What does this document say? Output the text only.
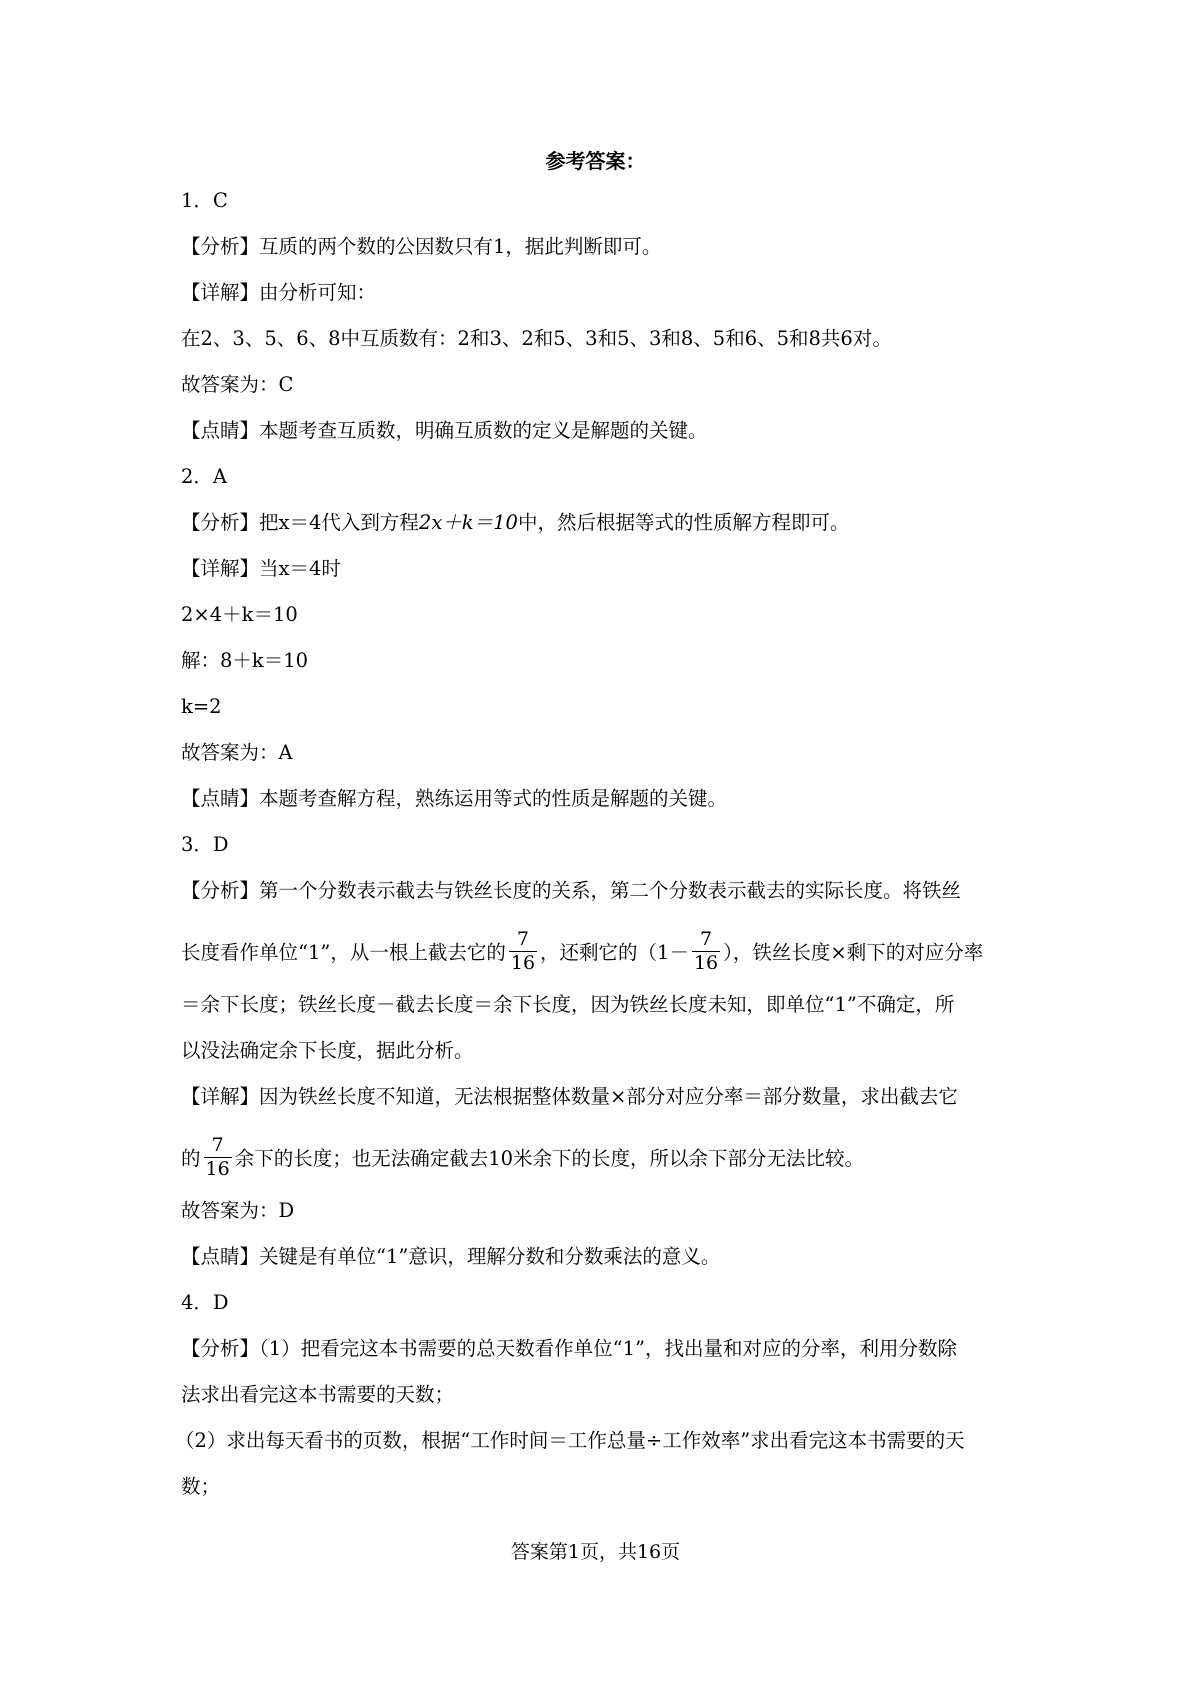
参考答案：
1．C
【分析】互质的两个数的公因数只有1，据此判断即可。
【详解】由分析可知：
在2、3、5、6、8中互质数有：2和3、2和5、3和5、3和8、5和6、5和8共6对。
故答案为：C
【点睛】本题考查互质数，明确互质数的定义是解题的关键。
2．A
【分析】把x＝4代入到方程2x＋k＝10中，然后根据等式的性质解方程即可。
【详解】当x＝4时
2×4＋k＝10
解：8＋k＝10
k=2
故答案为：A
【点睛】本题考查解方程，熟练运用等式的性质是解题的关键。
3．D
【分析】第一个分数表示截去与铁丝长度的关系，第二个分数表示截去的实际长度。将铁丝
长度看作单位“1”，从一根上截去它的 $\frac{7}{16}$ ，还剩它的（$1- \frac{7}{16}$ ），铁丝长度×剩下的对应分率
＝余下长度；铁丝长度－截去长度＝余下长度，因为铁丝长度未知，即单位“1”不确定，所
以没法确定余下长度，据此分析。
【详解】因为铁丝长度不知道，无法根据整体数量×部分对应分率＝部分数量，求出截去它
的 $\frac{7}{16}$ 余下的长度；也无法确定截去10米余下的长度，所以余下部分无法比较。
故答案为：D
【点睛】关键是有单位“1”意识，理解分数和分数乘法的意义。
4．D
【分析】（1）把看完这本书需要的总天数看作单位“1”，找出量和对应的分率，利用分数除
法求出看完这本书需要的天数；
（2）求出每天看书的页数，根据“工作时间＝工作总量÷工作效率”求出看完这本书需要的天
数；
答案第1页，共16页
